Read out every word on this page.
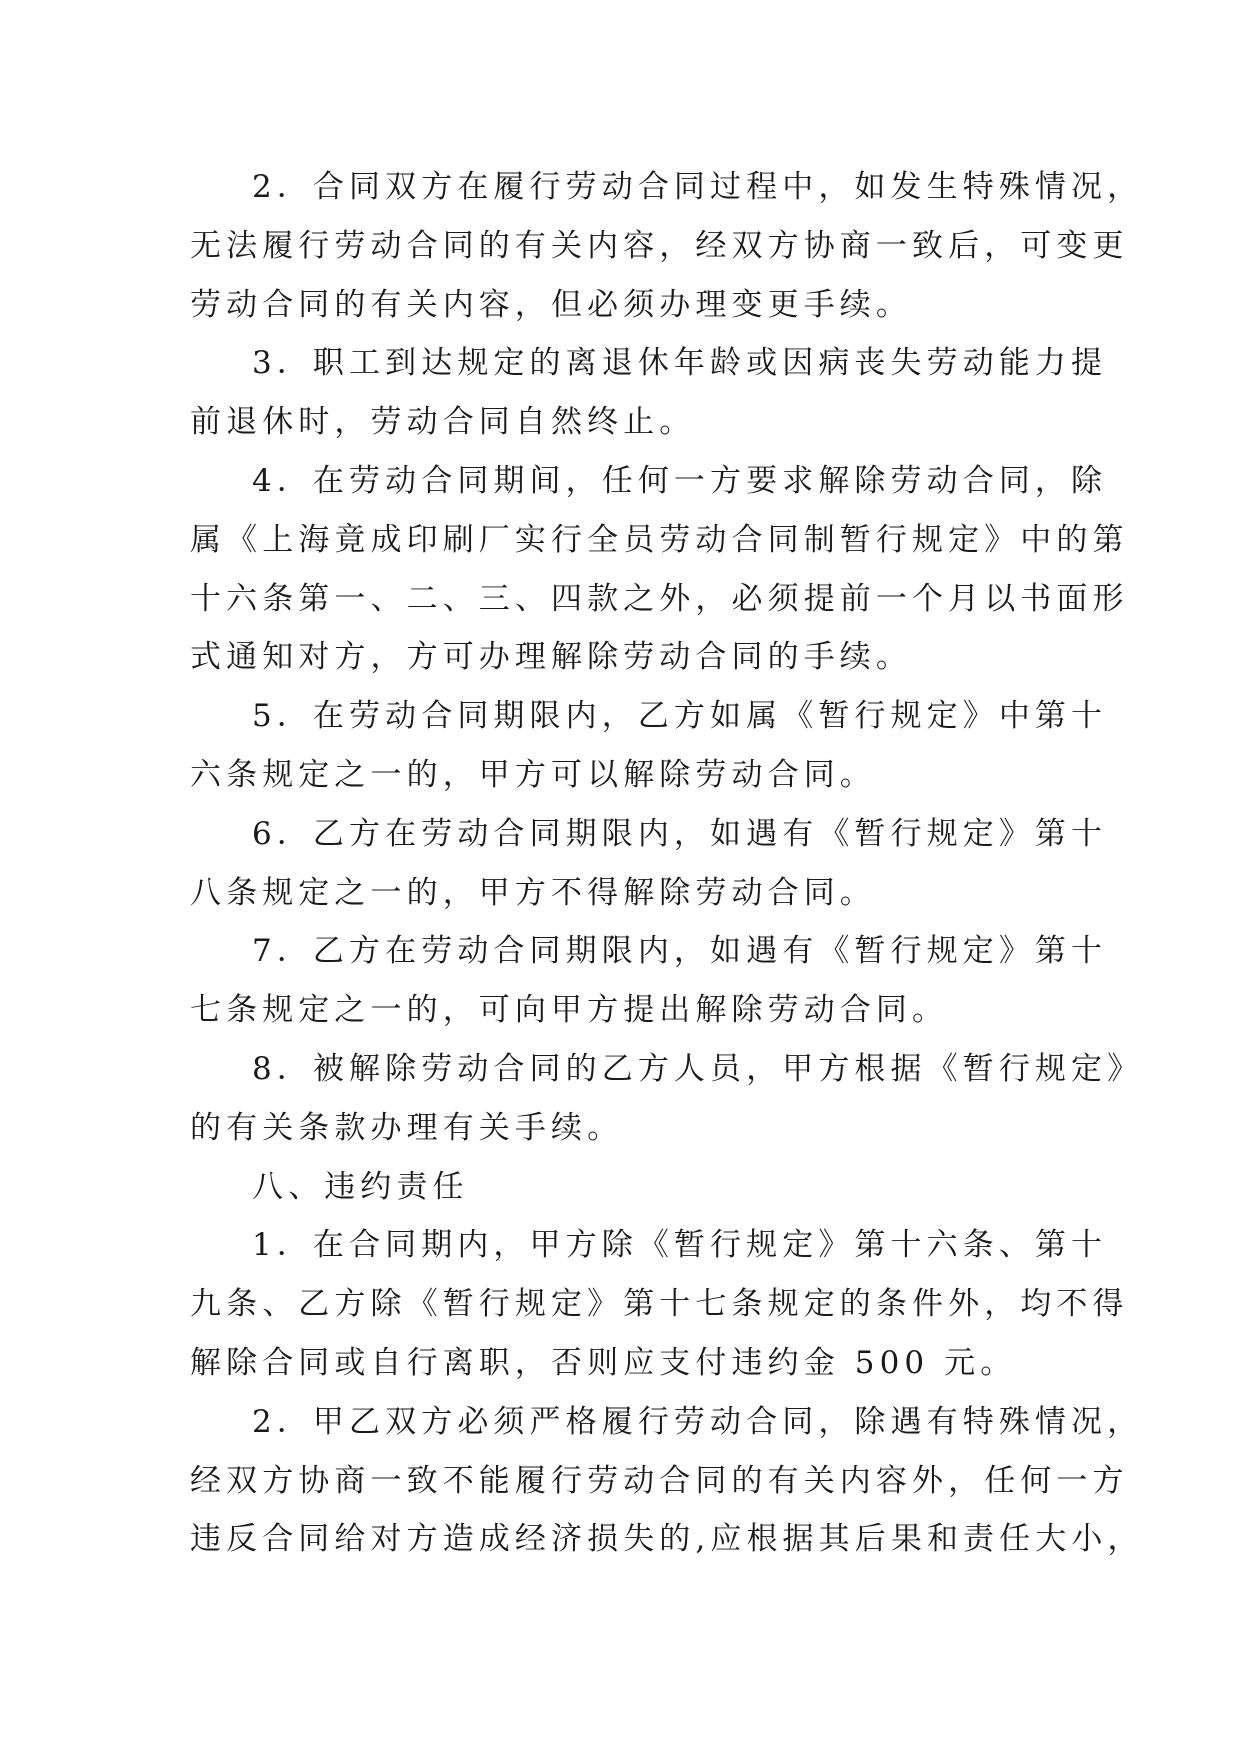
2．合同双方在履行劳动合同过程中，如发生特殊情况，
无法履行劳动合同的有关内容，经双方协商一致后，可变更
劳动合同的有关内容，但必须办理变更手续。
3．职工到达规定的离退休年龄或因病丧失劳动能力提
前退休时，劳动合同自然终止。
4．在劳动合同期间，任何一方要求解除劳动合同，除
属《上海竟成印刷厂实行全员劳动合同制暂行规定》中的第
十六条第一、二、三、四款之外，必须提前一个月以书面形
式通知对方，方可办理解除劳动合同的手续。
5．在劳动合同期限内，乙方如属《暂行规定》中第十
六条规定之一的，甲方可以解除劳动合同。
6．乙方在劳动合同期限内，如遇有《暂行规定》第十
八条规定之一的，甲方不得解除劳动合同。
7．乙方在劳动合同期限内，如遇有《暂行规定》第十
七条规定之一的，可向甲方提出解除劳动合同。
8．被解除劳动合同的乙方人员，甲方根据《暂行规定》
的有关条款办理有关手续。
八、违约责任
1．在合同期内，甲方除《暂行规定》第十六条、第十
九条、乙方除《暂行规定》第十七条规定的条件外，均不得
解除合同或自行离职，否则应支付违约金 500 元。
2．甲乙双方必须严格履行劳动合同，除遇有特殊情况，
经双方协商一致不能履行劳动合同的有关内容外，任何一方
违反合同给对方造成经济损失的,应根据其后果和责任大小，
